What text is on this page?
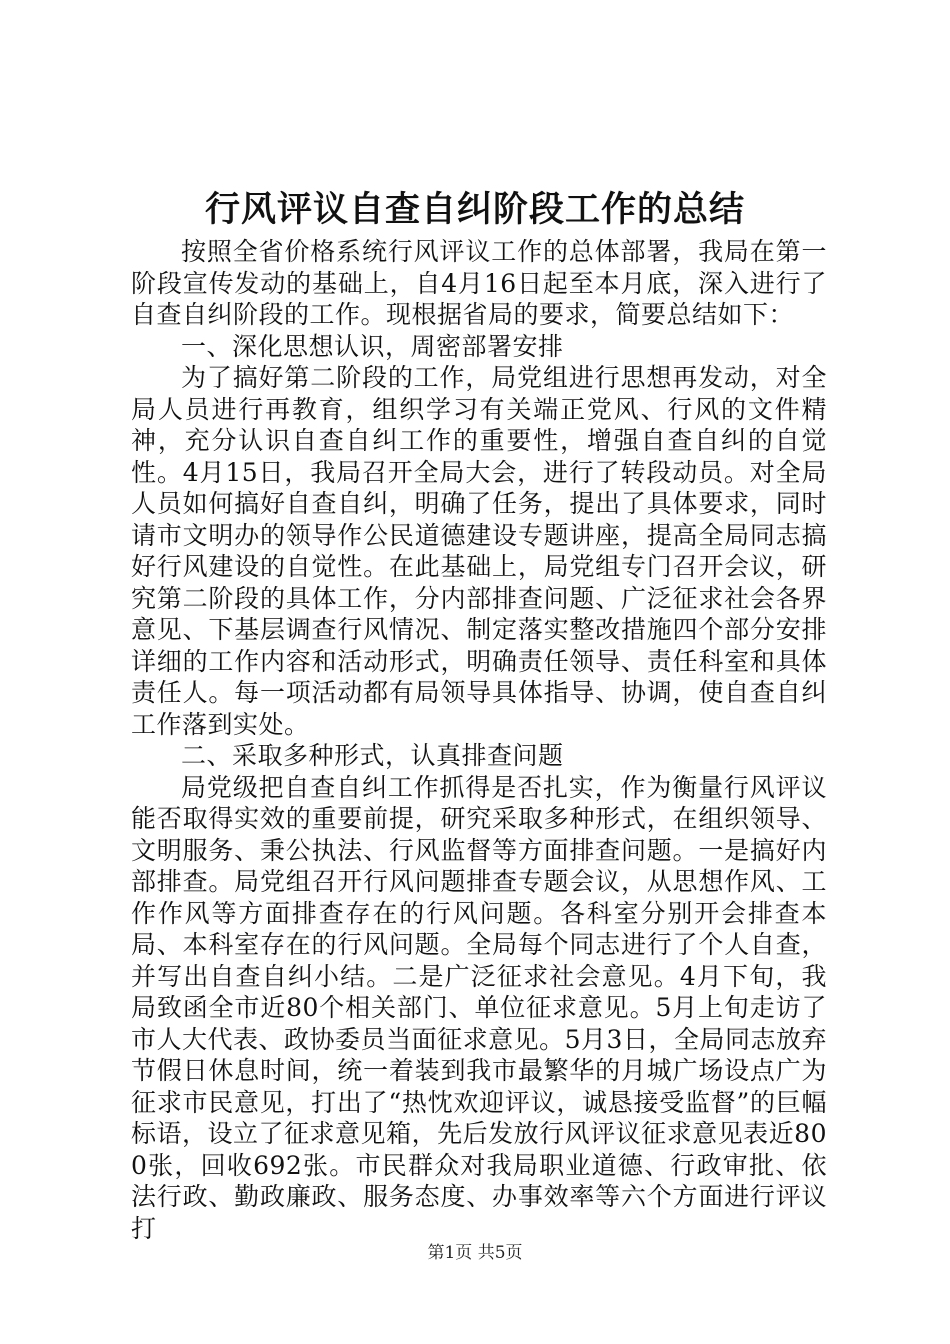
行风评议自查自纠阶段工作的总结

按照全省价格系统行风评议工作的总体部署，我局在第一阶段宣传发动的基础上，自4月16日起至本月底，深入进行了自查自纠阶段的工作。现根据省局的要求，简要总结如下：

一、深化思想认识，周密部署安排

为了搞好第二阶段的工作，局党组进行思想再发动，对全局人员进行再教育，组织学习有关端正党风、行风的文件精神，充分认识自查自纠工作的重要性，增强自查自纠的自觉性。4月15日，我局召开全局大会，进行了转段动员。对全局人员如何搞好自查自纠，明确了任务，提出了具体要求，同时请市文明办的领导作公民道德建设专题讲座，提高全局同志搞好行风建设的自觉性。在此基础上，局党组专门召开会议，研究第二阶段的具体工作，分内部排查问题、广泛征求社会各界意见、下基层调查行风情况、制定落实整改措施四个部分安排详细的工作内容和活动形式，明确责任领导、责任科室和具体责任人。每一项活动都有局领导具体指导、协调，使自查自纠工作落到实处。

二、采取多种形式，认真排查问题

局党级把自查自纠工作抓得是否扎实，作为衡量行风评议能否取得实效的重要前提，研究采取多种形式，在组织领导、文明服务、秉公执法、行风监督等方面排查问题。一是搞好内部排查。局党组召开行风问题排查专题会议，从思想作风、工作作风等方面排查存在的行风问题。各科室分别开会排查本局、本科室存在的行风问题。全局每个同志进行了个人自查，并写出自查自纠小结。二是广泛征求社会意见。4月下旬，我局致函全市近80个相关部门、单位征求意见。5月上旬走访了市人大代表、政协委员当面征求意见。5月3日，全局同志放弃节假日休息时间，统一着装到我市最繁华的月城广场设点广为征求市民意见，打出了“热忱欢迎评议，诚恳接受监督”的巨幅标语，设立了征求意见箱，先后发放行风评议征求意见表近800张，回收692张。市民群众对我局职业道德、行政审批、依法行政、勤政廉政、服务态度、办事效率等六个方面进行评议打

第1页 共5页
